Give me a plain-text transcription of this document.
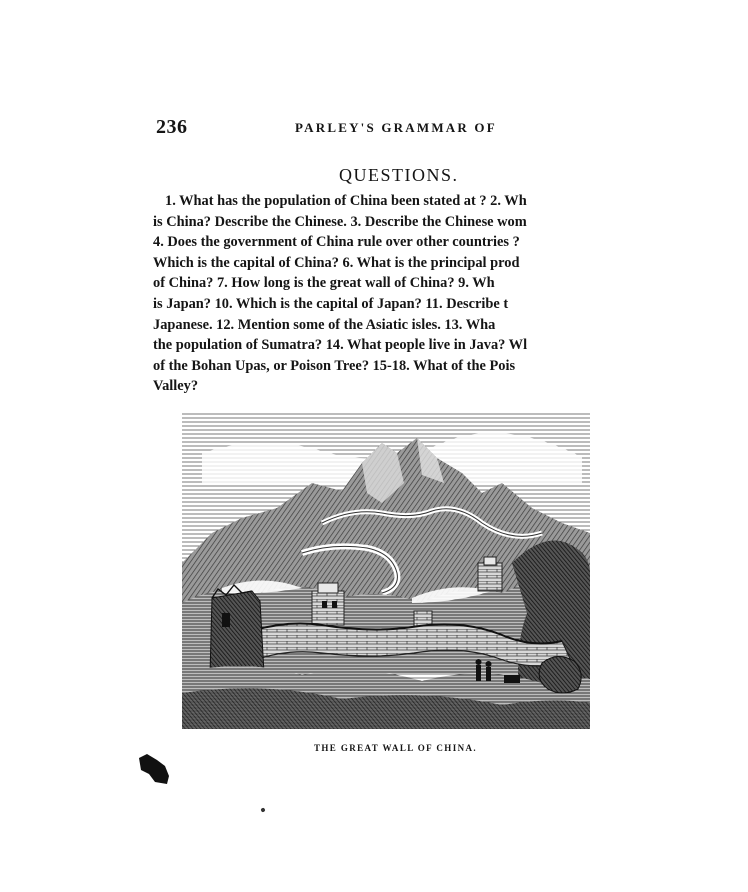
236	PARLEY'S GRAMMAR OF
QUESTIONS.
1. What has the population of China been stated at ? 2. Wh
is China? Describe the Chinese. 3. Describe the Chinese wom
4. Does the government of China rule over other countries ?
Which is the capital of China? 6. What is the principal prod
of China? 7. How long is the great wall of China? 9. Wh
is Japan? 10. Which is the capital of Japan? 11. Describe t
Japanese. 12. Mention some of the Asiatic isles. 13. Wha
the population of Sumatra? 14. What people live in Java? Wl
of the Bohan Upas, or Poison Tree? 15-18. What of the Pois
Valley?
THE GREAT WALL OF CHINA.
